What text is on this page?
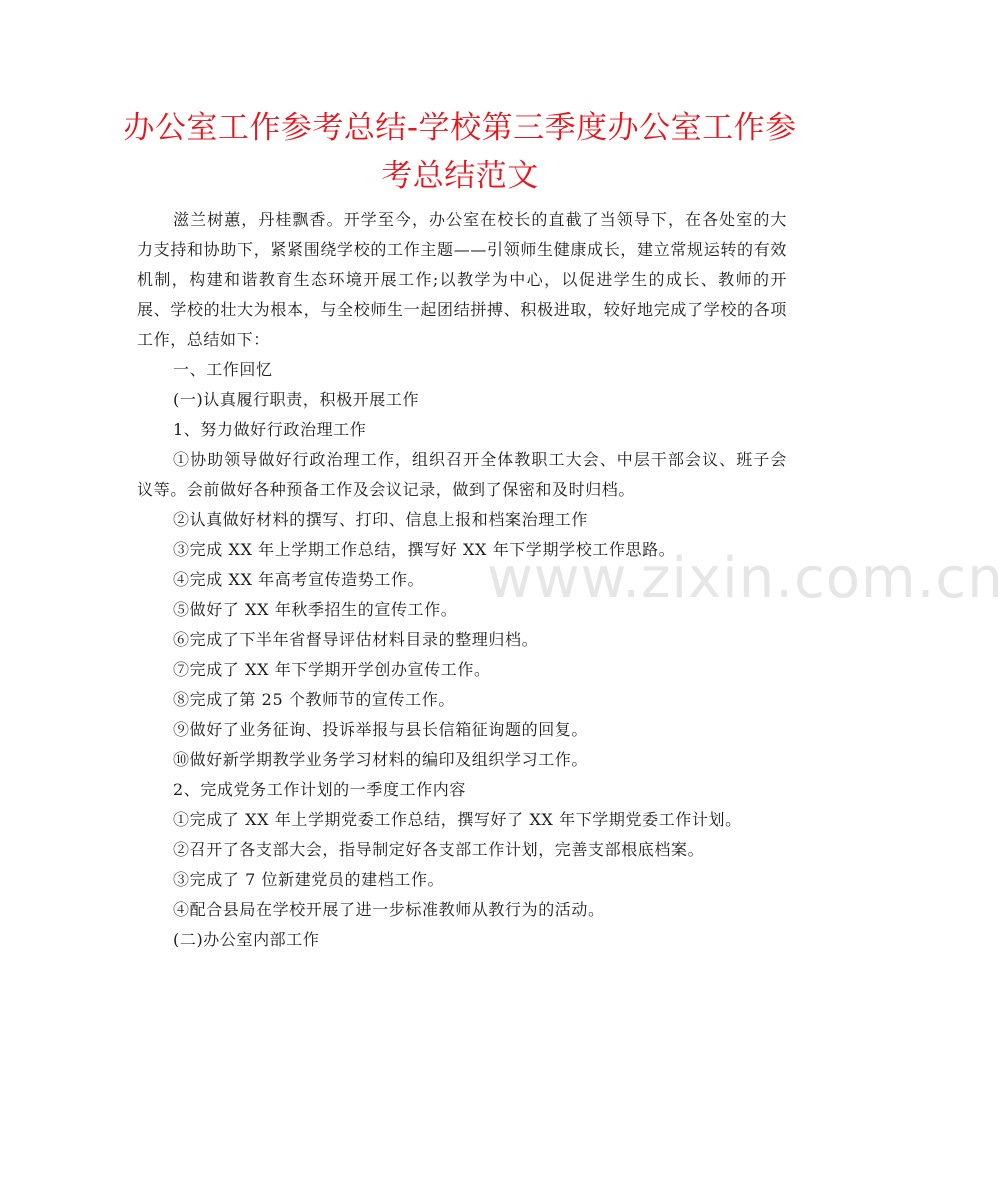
www.zixin.com.cn
办公室工作参考总结-学校第三季度办公室工作参考总结范文

滋兰树蕙，丹桂飘香。开学至今，办公室在校长的直截了当领导下，在各处室的大力支持和协助下，紧紧围绕学校的工作主题——引领师生健康成长，建立常规运转的有效机制，构建和谐教育生态环境开展工作;以教学为中心，以促进学生的成长、教师的开展、学校的壮大为根本，与全校师生一起团结拼搏、积极进取，较好地完成了学校的各项工作，总结如下：

一、工作回忆

(一)认真履行职责，积极开展工作

1、努力做好行政治理工作

①协助领导做好行政治理工作，组织召开全体教职工大会、中层干部会议、班子会议等。会前做好各种预备工作及会议记录，做到了保密和及时归档。

②认真做好材料的撰写、打印、信息上报和档案治理工作

③完成 XX 年上学期工作总结，撰写好 XX 年下学期学校工作思路。

④完成 XX 年高考宣传造势工作。

⑤做好了 XX 年秋季招生的宣传工作。

⑥完成了下半年省督导评估材料目录的整理归档。

⑦完成了 XX 年下学期开学创办宣传工作。

⑧完成了第 25 个教师节的宣传工作。

⑨做好了业务征询、投诉举报与县长信箱征询题的回复。

⑩做好新学期教学业务学习材料的编印及组织学习工作。

2、完成党务工作计划的一季度工作内容

①完成了 XX 年上学期党委工作总结，撰写好了 XX 年下学期党委工作计划。

②召开了各支部大会，指导制定好各支部工作计划，完善支部根底档案。

③完成了 7 位新建党员的建档工作。

④配合县局在学校开展了进一步标准教师从教行为的活动。

(二)办公室内部工作
